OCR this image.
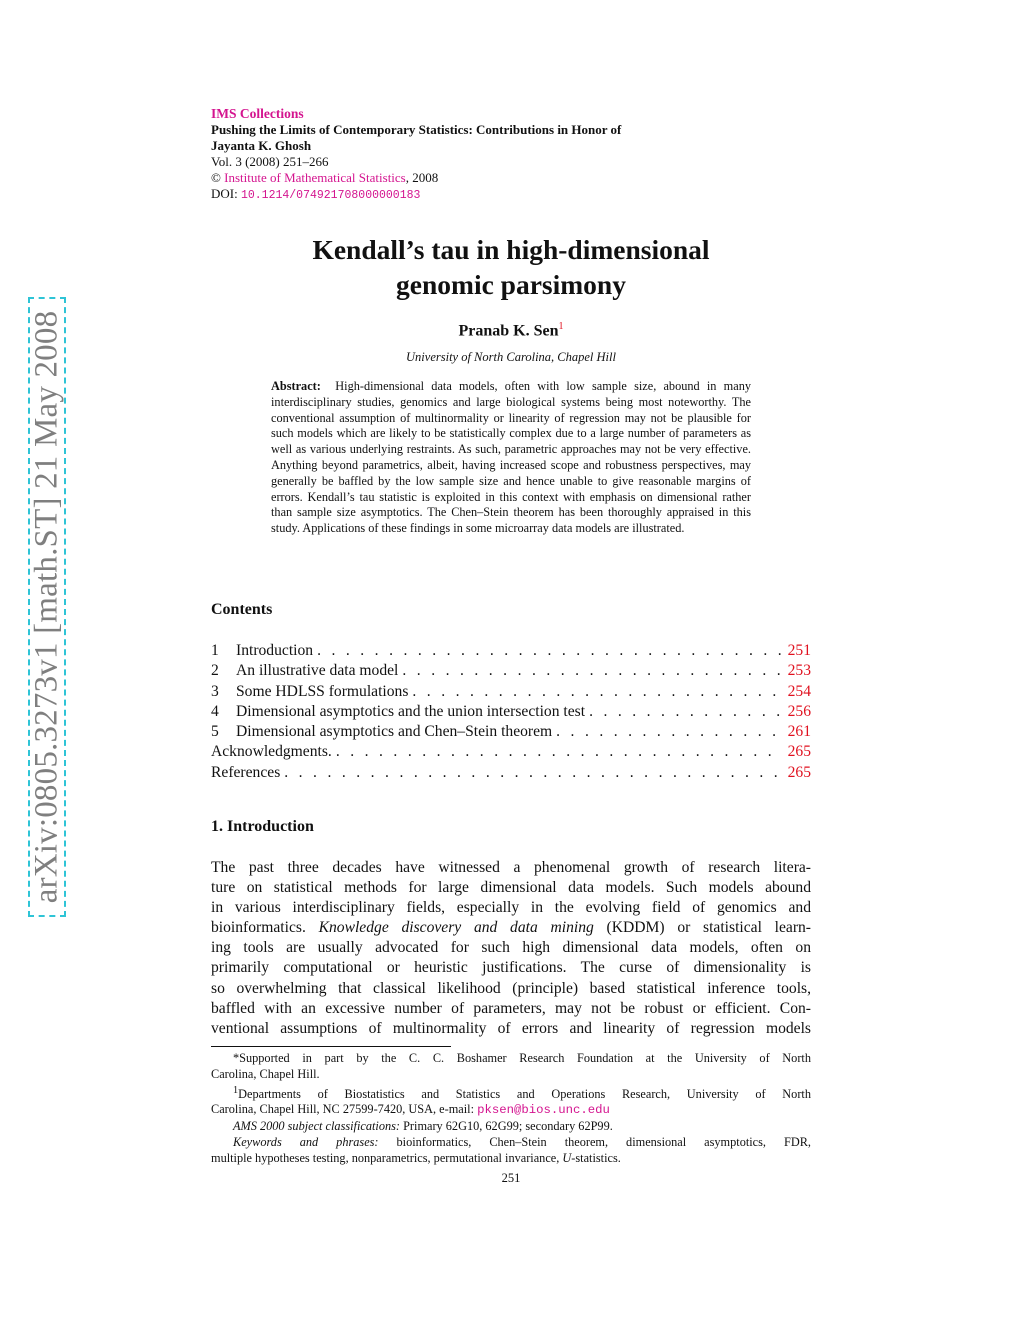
arXiv:0805.3273v1 [math.ST] 21 May 2008
IMS Collections
Pushing the Limits of Contemporary Statistics: Contributions in Honor of
Jayanta K. Ghosh
Vol. 3 (2008) 251–266
© Institute of Mathematical Statistics, 2008
DOI: 10.1214/074921708000000183
Kendall’s tau in high-dimensional
genomic parsimony
Pranab K. Sen$^1$
University of North Carolina, Chapel Hill
Abstract: High-dimensional data models, often with low sample size, abound in many interdisciplinary studies, genomics and large biological systems being most noteworthy. The conventional assumption of multinormality or linearity of regression may not be plausible for such models which are likely to be statistically complex due to a large number of parameters as well as various underlying restraints. As such, parametric approaches may not be very effective. Anything beyond parametrics, albeit, having increased scope and robustness perspectives, may generally be baffled by the low sample size and hence unable to give reasonable margins of errors. Kendall’s tau statistic is exploited in this context with emphasis on dimensional rather than sample size asymptotics. The Chen–Stein theorem has been thoroughly appraised in this study. Applications of these findings in some microarray data models are illustrated.
Contents
1	Introduction . . .	251
2	An illustrative data model . . .	253
3	Some HDLSS formulations . . .	254
4	Dimensional asymptotics and the union intersection test . . .	256
5	Dimensional asymptotics and Chen–Stein theorem . . .	261
Acknowledgments. . . .	265
References . . .	265
1. Introduction
The past three decades have witnessed a phenomenal growth of research litera-
ture on statistical methods for large dimensional data models. Such models abound
in various interdisciplinary fields, especially in the evolving field of genomics and
bioinformatics. Knowledge discovery and data mining (KDDM) or statistical learn-
ing tools are usually advocated for such high dimensional data models, often on
primarily computational or heuristic justifications. The curse of dimensionality is
so overwhelming that classical likelihood (principle) based statistical inference tools,
baffled with an excessive number of parameters, may not be robust or efficient. Con-
ventional assumptions of multinormality of errors and linearity of regression models
*Supported in part by the C. C. Boshamer Research Foundation at the University of North
Carolina, Chapel Hill.
$^1$Departments of Biostatistics and Statistics and Operations Research, University of North
Carolina, Chapel Hill, NC 27599-7420, USA, e-mail: pksen@bios.unc.edu
AMS 2000 subject classifications: Primary 62G10, 62G99; secondary 62P99.
Keywords and phrases: bioinformatics, Chen–Stein theorem, dimensional asymptotics, FDR,
multiple hypotheses testing, nonparametrics, permutational invariance, U-statistics.
251
